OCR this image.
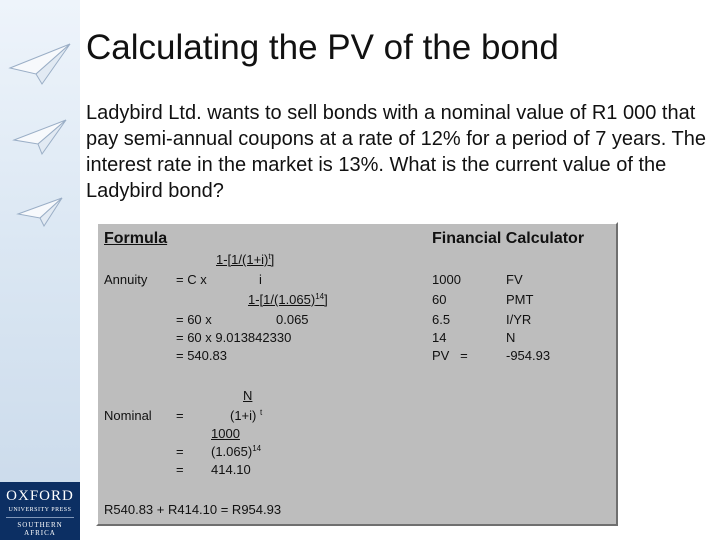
OXFORD
UNIVERSITY PRESS
SOUTHERN AFRICA
Calculating the PV of the bond
Ladybird Ltd. wants to sell bonds with a nominal value of R1 000 that pay semi-annual coupons at a rate of 12% for a period of 7 years. The interest rate in the market is 13%. What is the current value of the Ladybird bond?
Formula
$1-[1/(1+i)^t]$
Annuity = C x	i
$1-[1/(1.065)^{14}]$
= 60 x	0.065
= 60 x 9.013842330
= 540.83
N
Nominal =	(1+i) $^t$
1000
= $(1.065)^{14}$
= 414.10
R540.83 + R414.10 = R954.93
Financial Calculator
1000	FV
60	PMT
6.5	I/YR
14	N
PV   =	-954.93
